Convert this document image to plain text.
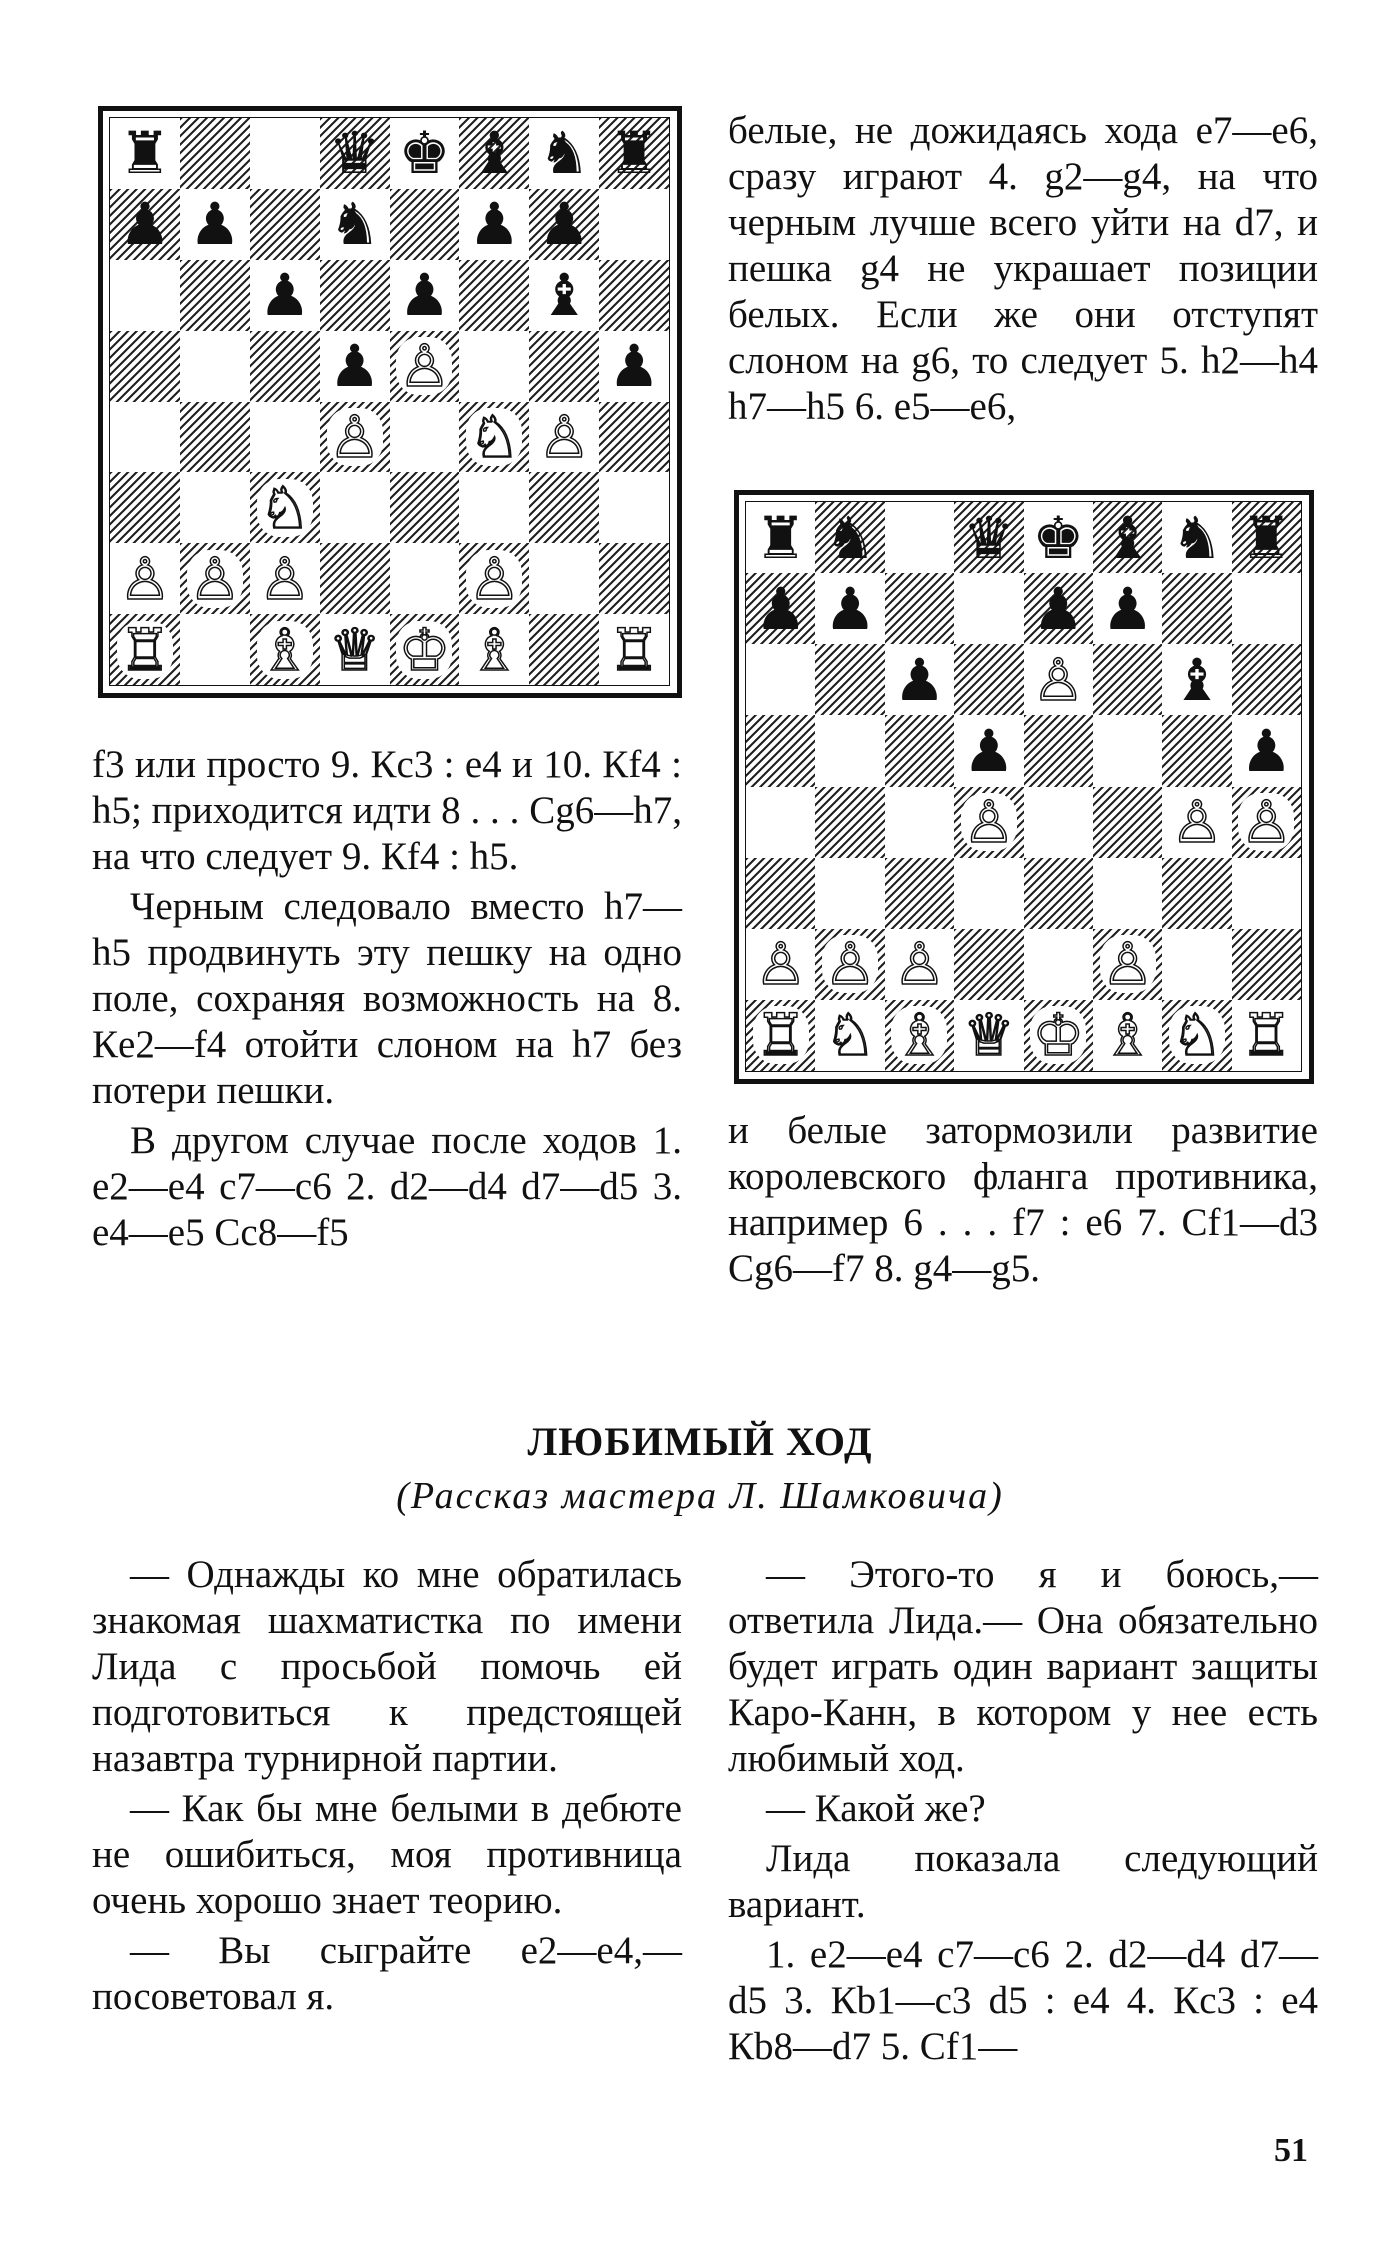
♜	♛ ♚ ♝ ♞ ♜
♟ ♟ ♞ ♟ ♟
♟ ♟ ♝
♟ ♙	♟
♙ ♘ ♙
♘
♙ ♙ ♙	♙
♖ ♗ ♕ ♔ ♗ ♖
♜ ♞ ♛ ♚ ♝ ♞ ♜
♟ ♟	♟ ♟
♟ ♙ ♝
♟	♟
♙	♙ ♙
♙ ♙ ♙	♙
♖ ♘ ♗ ♕ ♔ ♗ ♘ ♖

белые, не дожидаясь хода e7—e6, сразу играют 4. g2—g4, на что черным лучше всего уйти на d7, и пешка g4 не украшает позиции белых. Если же они отступят слоном на g6, то следует 5. h2—h4 h7—h5 6. e5—e6,

f3 или просто 9. Кc3 : e4 и 10. Кf4 : h5; приходится идти 8 . . . Сg6—h7, на что следует 9. Кf4 : h5.

Черным следовало вместо h7—h5 продвинуть эту пешку на одно поле, сохраняя возможность на 8. Кe2—f4 отойти слоном на h7 без потери пешки.

В другом случае после ходов 1. e2—e4 c7—c6 2. d2—d4 d7—d5 3. e4—e5 Сc8—f5

и белые затормозили развитие королевского фланга противника, например 6 . . . f7 : e6 7. Сf1—d3 Сg6—f7 8. g4—g5.

ЛЮБИМЫЙ ХОД
(Рассказ мастера Л. Шамковича)

— Однажды ко мне обратилась знакомая шахматистка по имени Лида с просьбой помочь ей подготовиться к предстоящей назавтра турнирной партии.

— Как бы мне белыми в дебюте не ошибиться, моя противница очень хорошо знает теорию.

— Вы сыграйте e2—e4,— посоветовал я.

— Этого-то я и боюсь,— ответила Лида.— Она обязательно будет играть один вариант защиты Каро-Канн, в котором у нее есть любимый ход.

— Какой же?

Лида показала следующий вариант.

1. e2—e4 c7—c6 2. d2—d4 d7—d5 3. Кb1—c3 d5 : e4 4. Кc3 : e4 Кb8—d7 5. Сf1—

51
